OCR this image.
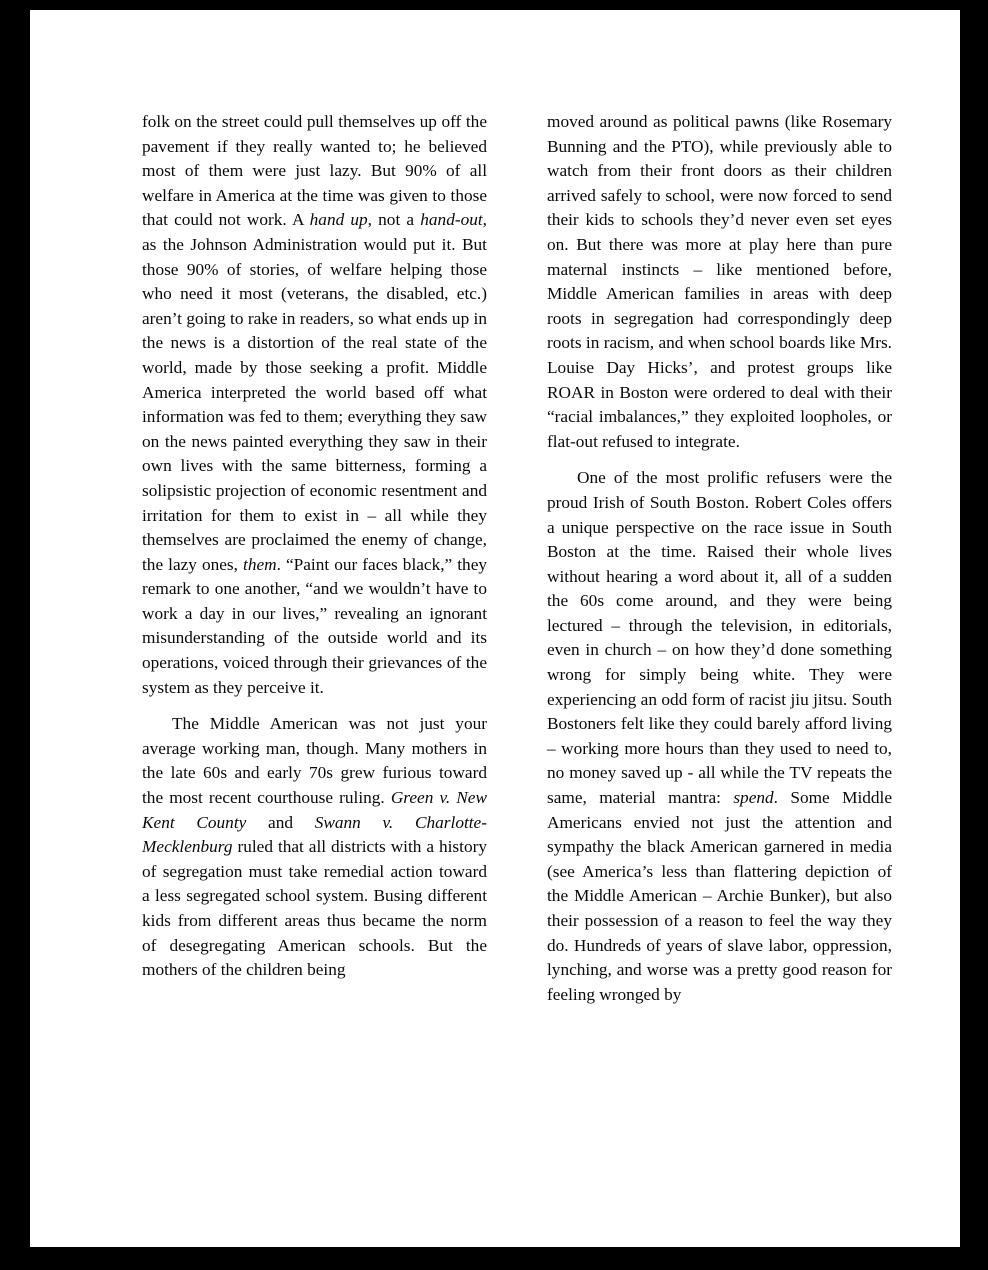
folk on the street could pull themselves up off the pavement if they really wanted to; he believed most of them were just lazy. But 90% of all welfare in America at the time was given to those that could not work. A hand up, not a hand-out, as the Johnson Administration would put it. But those 90% of stories, of welfare helping those who need it most (veterans, the disabled, etc.) aren’t going to rake in readers, so what ends up in the news is a distortion of the real state of the world, made by those seeking a profit. Middle America interpreted the world based off what information was fed to them; everything they saw on the news painted everything they saw in their own lives with the same bitterness, forming a solipsistic projection of economic resentment and irritation for them to exist in – all while they themselves are proclaimed the enemy of change, the lazy ones, them. “Paint our faces black,” they remark to one another, “and we wouldn’t have to work a day in our lives,” revealing an ignorant misunderstanding of the outside world and its operations, voiced through their grievances of the system as they perceive it.

The Middle American was not just your average working man, though. Many mothers in the late 60s and early 70s grew furious toward the most recent courthouse ruling. Green v. New Kent County and Swann v. Charlotte-Mecklenburg ruled that all districts with a history of segregation must take remedial action toward a less segregated school system. Busing different kids from different areas thus became the norm of desegregating American schools. But the mothers of the children being

moved around as political pawns (like Rosemary Bunning and the PTO), while previously able to watch from their front doors as their children arrived safely to school, were now forced to send their kids to schools they’d never even set eyes on. But there was more at play here than pure maternal instincts – like mentioned before, Middle American families in areas with deep roots in segregation had correspondingly deep roots in racism, and when school boards like Mrs. Louise Day Hicks’, and protest groups like ROAR in Boston were ordered to deal with their “racial imbalances,” they exploited loopholes, or flat-out refused to integrate.

One of the most prolific refusers were the proud Irish of South Boston. Robert Coles offers a unique perspective on the race issue in South Boston at the time. Raised their whole lives without hearing a word about it, all of a sudden the 60s come around, and they were being lectured – through the television, in editorials, even in church – on how they’d done something wrong for simply being white. They were experiencing an odd form of racist jiu jitsu. South Bostoners felt like they could barely afford living – working more hours than they used to need to, no money saved up - all while the TV repeats the same, material mantra: spend. Some Middle Americans envied not just the attention and sympathy the black American garnered in media (see America’s less than flattering depiction of the Middle American – Archie Bunker), but also their possession of a reason to feel the way they do. Hundreds of years of slave labor, oppression, lynching, and worse was a pretty good reason for feeling wronged by
